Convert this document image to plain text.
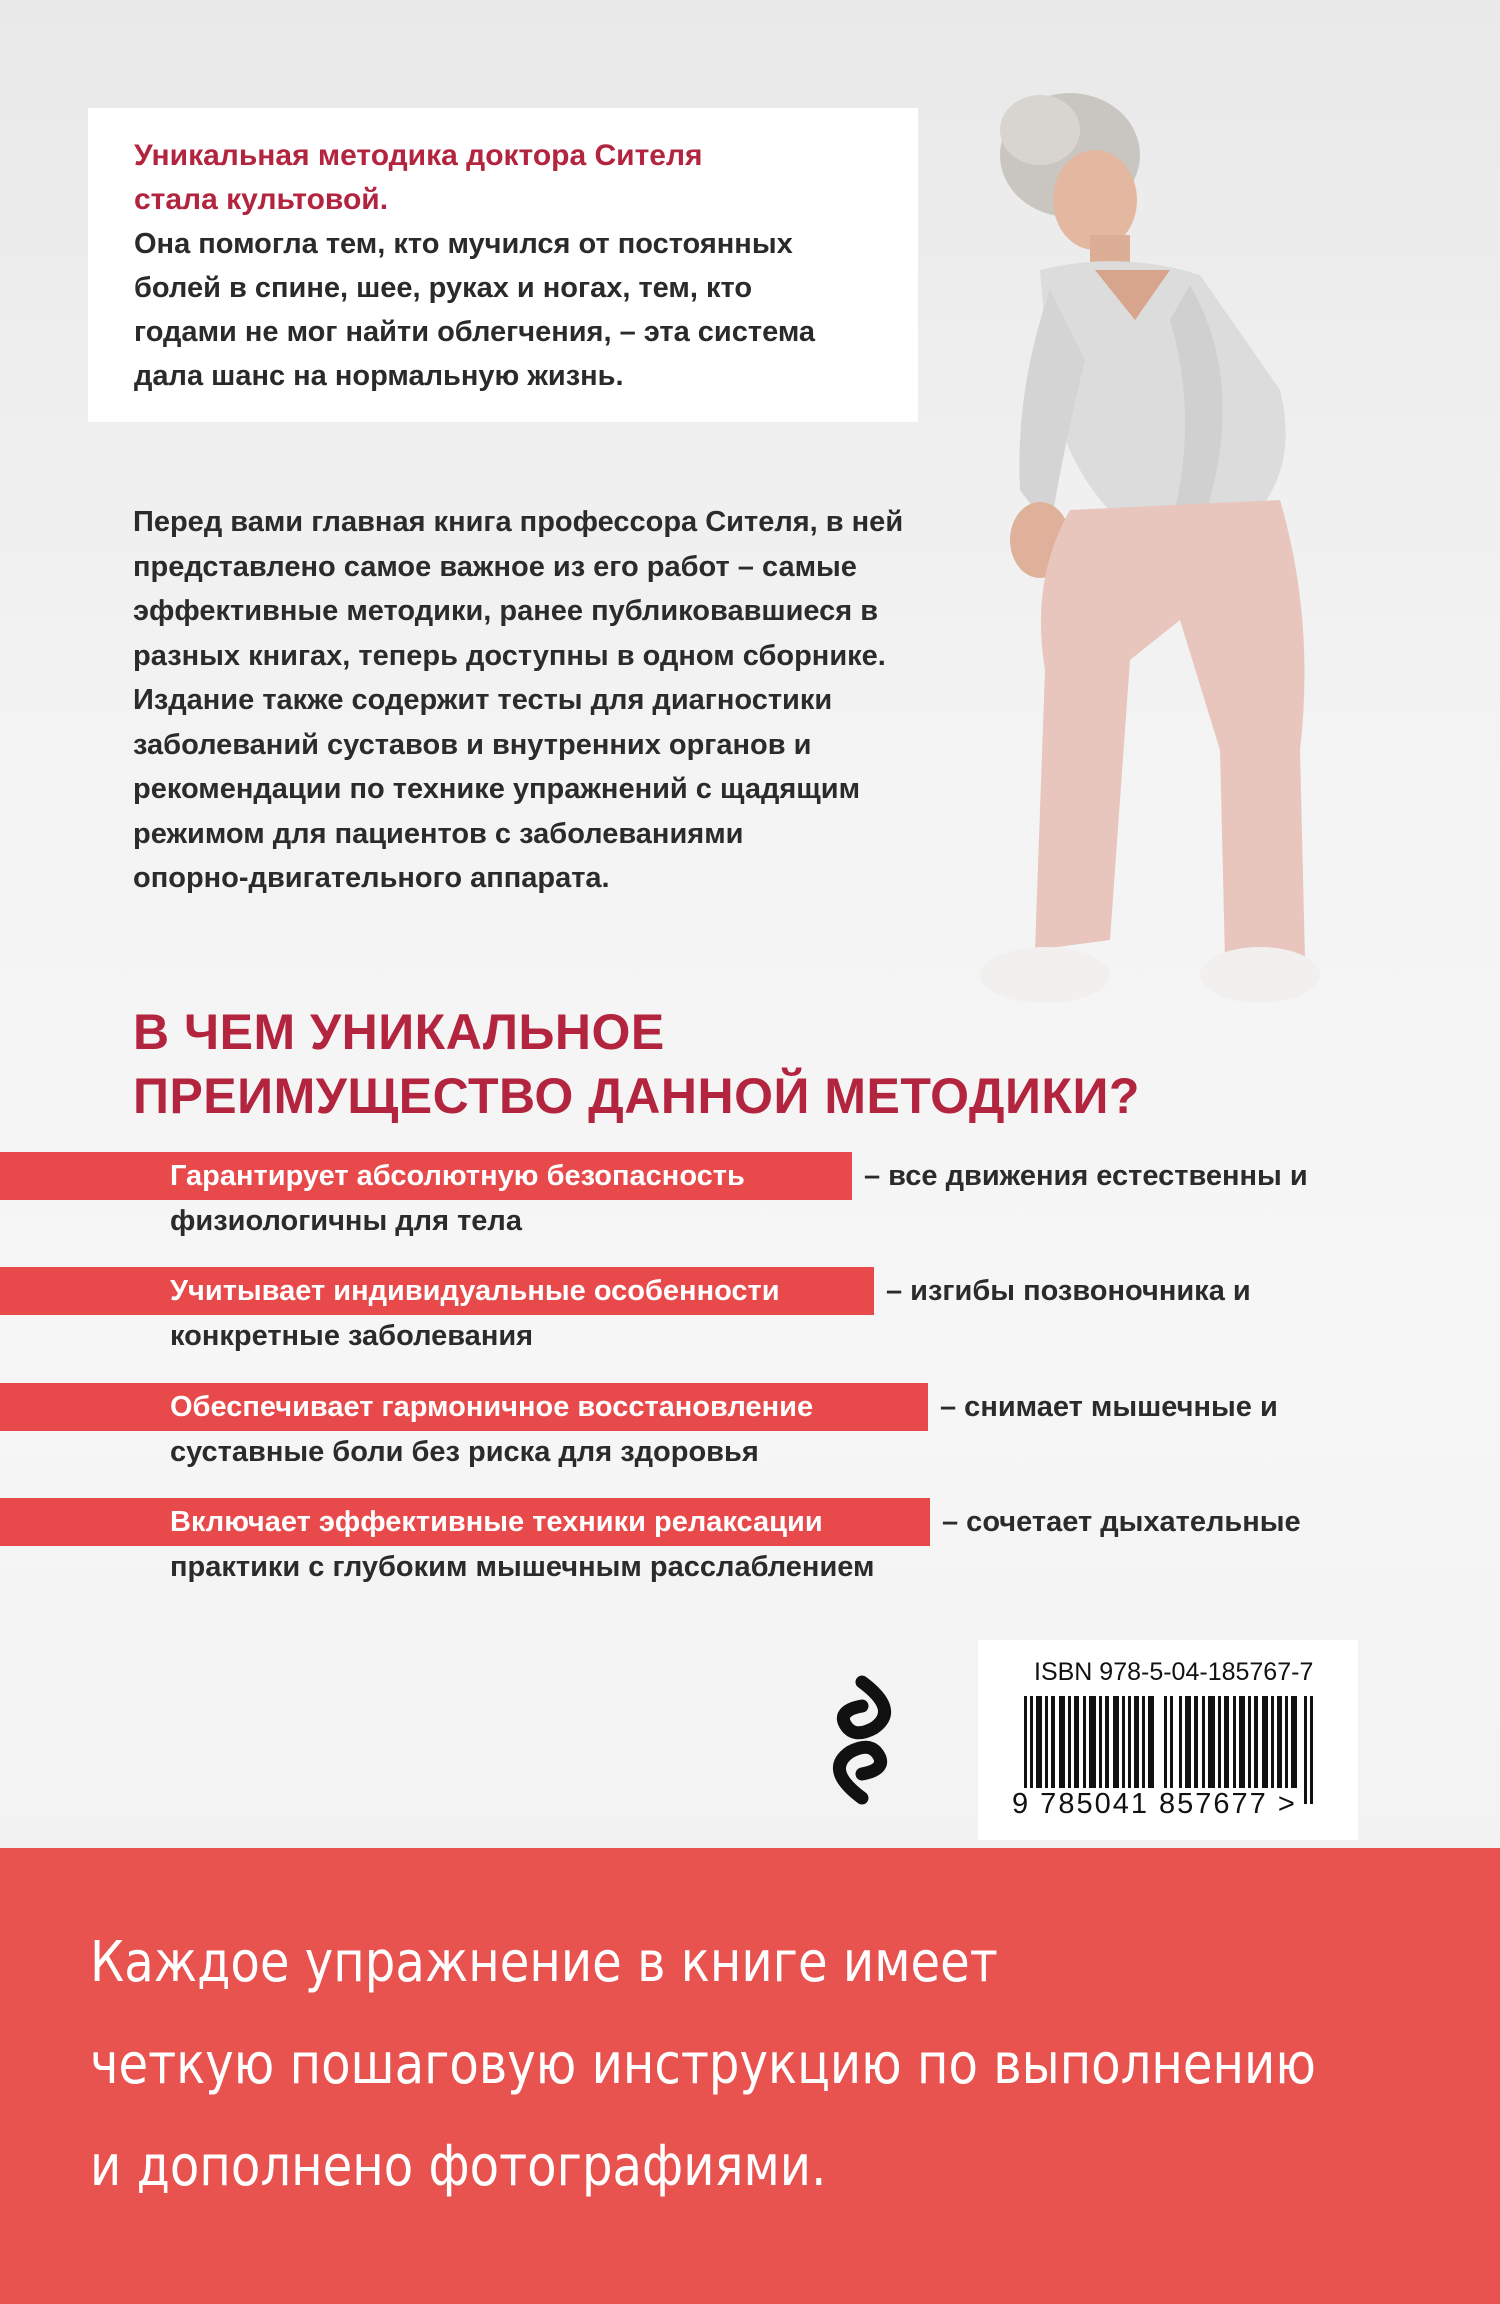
Уникальная методика доктора Сителя

стала культовой.

Она помогла тем, кто мучился от постоянных

болей в спине, шее, руках и ногах, тем, кто

годами не мог найти облегчения, – эта система

дала шанс на нормальную жизнь.

Перед вами главная книга профессора Сителя, в ней
представлено самое важное из его работ – самые
эффективные методики, ранее публиковавшиеся в
разных книгах, теперь доступны в одном сборнике.
Издание также содержит тесты для диагностики
заболеваний суставов и внутренних органов и
рекомендации по технике упражнений с щадящим
режимом для пациентов с заболеваниями
опорно-двигательного аппарата.
В ЧЕМ УНИКАЛЬНОЕ
ПРЕИМУЩЕСТВО ДАННОЙ МЕТОДИКИ?
Гарантирует абсолютную безопасность	– все движения естественны и
физиологичны для тела
Учитывает индивидуальные особенности	– изгибы позвоночника и
конкретные заболевания
Обеспечивает гармоничное восстановление	– снимает мышечные и
суставные боли без риска для здоровья
Включает эффективные техники релаксации	– сочетает дыхательные
практики с глубоким мышечным расслаблением
ISBN 978-5-04-185767-7
9 785041 857677 >

Каждое упражнение в книге имеет
четкую пошаговую инструкцию по выполнению
и дополнено фотографиями.
